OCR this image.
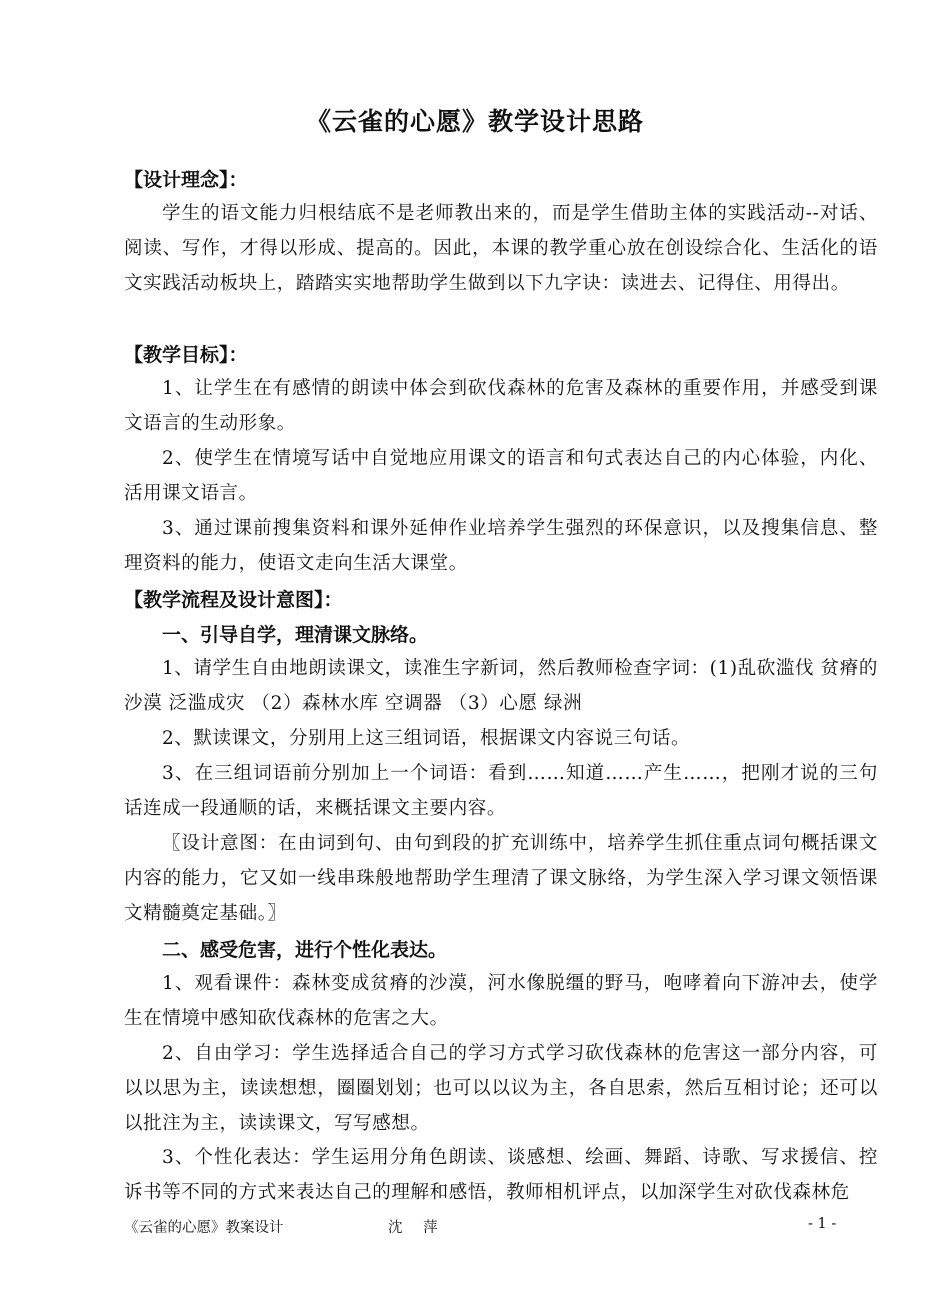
《云雀的心愿》教学设计思路
【设计理念】：
学生的语文能力归根结底不是老师教出来的，而是学生借助主体的实践活动--对话、阅读、写作，才得以形成、提高的。因此，本课的教学重心放在创设综合化、生活化的语文实践活动板块上，踏踏实实地帮助学生做到以下九字诀：读进去、记得住、用得出。
【教学目标】：
1、让学生在有感情的朗读中体会到砍伐森林的危害及森林的重要作用，并感受到课文语言的生动形象。
2、使学生在情境写话中自觉地应用课文的语言和句式表达自己的内心体验，内化、活用课文语言。
3、通过课前搜集资料和课外延伸作业培养学生强烈的环保意识，以及搜集信息、整理资料的能力，使语文走向生活大课堂。
【教学流程及设计意图】：
一、引导自学，理清课文脉络。
1、请学生自由地朗读课文，读准生字新词，然后教师检查字词：(1)乱砍滥伐 贫瘠的沙漠 泛滥成灾 （2）森林水库 空调器 （3）心愿 绿洲
2、默读课文，分别用上这三组词语，根据课文内容说三句话。
3、在三组词语前分别加上一个词语：看到……知道……产生……，把刚才说的三句话连成一段通顺的话，来概括课文主要内容。
〖设计意图：在由词到句、由句到段的扩充训练中，培养学生抓住重点词句概括课文内容的能力，它又如一线串珠般地帮助学生理清了课文脉络，为学生深入学习课文领悟课文精髓奠定基础。〗
二、感受危害，进行个性化表达。
1、观看课件：森林变成贫瘠的沙漠，河水像脱缰的野马，咆哮着向下游冲去，使学生在情境中感知砍伐森林的危害之大。
2、自由学习：学生选择适合自己的学习方式学习砍伐森林的危害这一部分内容，可以以思为主，读读想想，圈圈划划；也可以以议为主，各自思索，然后互相讨论；还可以以批注为主，读读课文，写写感想。
3、个性化表达：学生运用分角色朗读、谈感想、绘画、舞蹈、诗歌、写求援信、控诉书等不同的方式来表达自己的理解和感悟，教师相机评点，以加深学生对砍伐森林危
《云雀的心愿》教案设计	沈 萍	- 1 -
